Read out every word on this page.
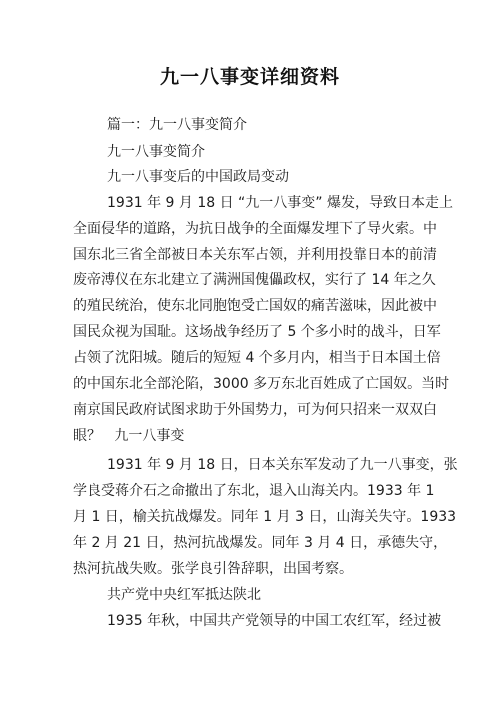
九一八事变详细资料
篇一：九一八事变简介
九一八事变简介
九一八事变后的中国政局变动
1931 年 9 月 18 日 “九一八事变” 爆发，导致日本走上
全面侵华的道路，为抗日战争的全面爆发埋下了导火索。中
国东北三省全部被日本关东军占领，并利用投靠日本的前清
废帝溥仪在东北建立了满洲国傀儡政权，实行了 14 年之久
的殖民统治，使东北同胞饱受亡国奴的痛苦滋味，因此被中
国民众视为国耻。这场战争经历了 5 个多小时的战斗，日军
占领了沈阳城。随后的短短 4 个多月内，相当于日本国土倍
的中国东北全部沦陷，3000 多万东北百姓成了亡国奴。当时
南京国民政府试图求助于外国势力，可为何只招来一双双白
眼？   九一八事变
1931 年 9 月 18 日，日本关东军发动了九一八事变，张
学良受蒋介石之命撤出了东北，退入山海关内。1933 年 1
月 1 日，榆关抗战爆发。同年 1 月 3 日，山海关失守。1933
年 2 月 21 日，热河抗战爆发。同年 3 月 4 日，承德失守，
热河抗战失败。张学良引咎辞职，出国考察。
共产党中央红军抵达陕北
1935 年秋，中国共产党领导的中国工农红军，经过被
